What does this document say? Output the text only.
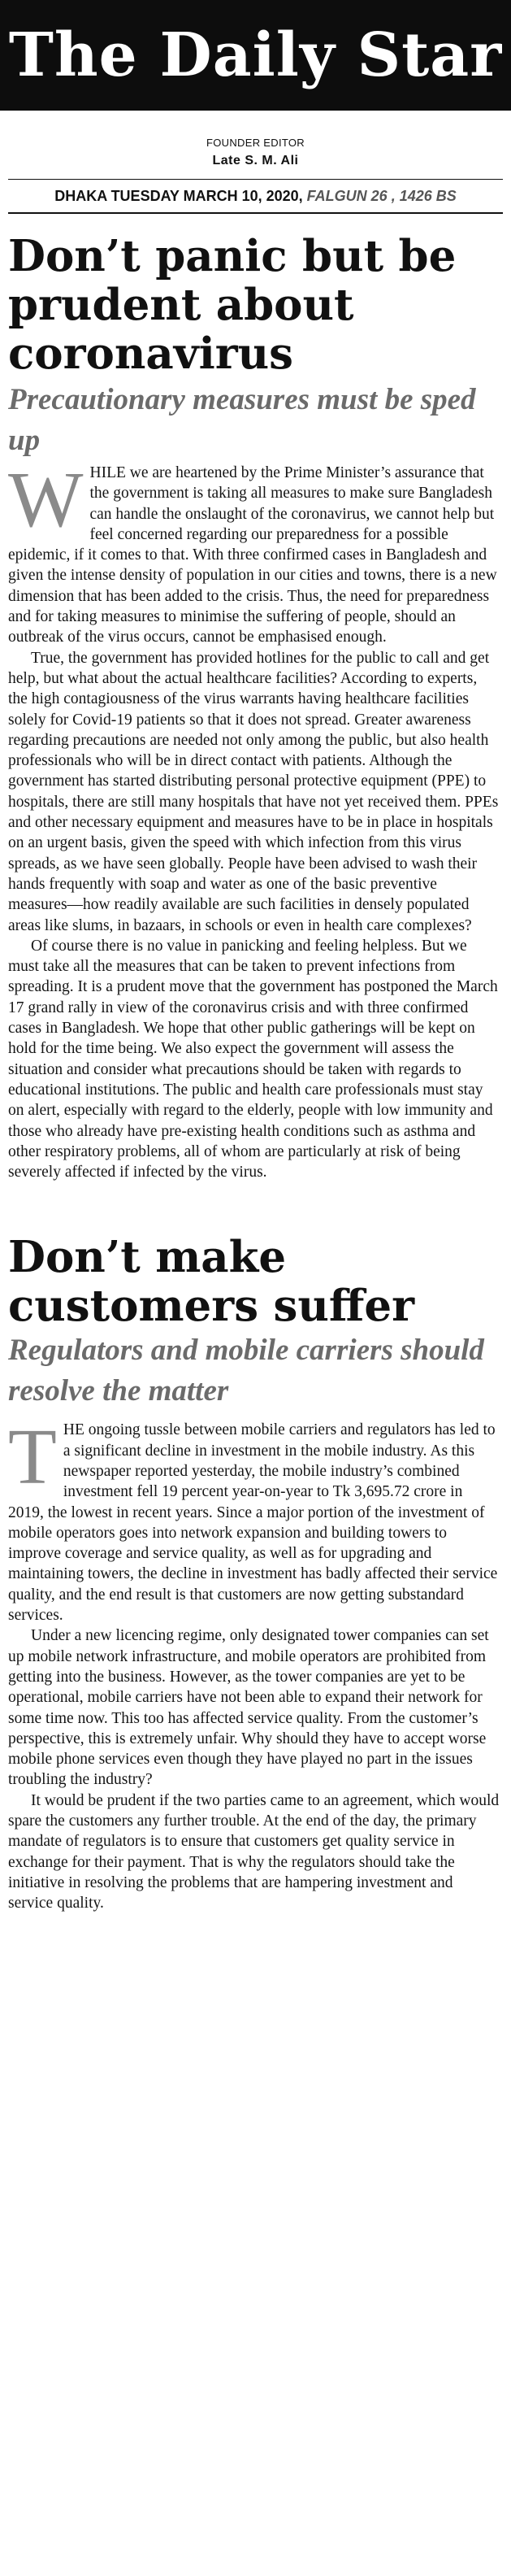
The Daily Star
FOUNDER EDITOR
Late S. M. Ali
DHAKA TUESDAY MARCH 10, 2020, FALGUN 26 , 1426 BS
Don’t panic but be prudent about coronavirus
Precautionary measures must be sped up

WHILE we are heartened by the Prime Minister’s assurance that the government is taking all measures to make sure Bangladesh can handle the onslaught of the coronavirus, we cannot help but feel concerned regarding our preparedness for a possible epidemic, if it comes to that. With three confirmed cases in Bangladesh and given the intense density of population in our cities and towns, there is a new dimension that has been added to the crisis. Thus, the need for preparedness and for taking measures to minimise the suffering of people, should an outbreak of the virus occurs, cannot be emphasised enough.

True, the government has provided hotlines for the public to call and get help, but what about the actual healthcare facilities? According to experts, the high contagiousness of the virus warrants having healthcare facilities solely for Covid-19 patients so that it does not spread. Greater awareness regarding precautions are needed not only among the public, but also health professionals who will be in direct contact with patients. Although the government has started distributing personal protective equipment (PPE) to hospitals, there are still many hospitals that have not yet received them. PPEs and other necessary equipment and measures have to be in place in hospitals on an urgent basis, given the speed with which infection from this virus spreads, as we have seen globally. People have been advised to wash their hands frequently with soap and water as one of the basic preventive measures—how readily available are such facilities in densely populated areas like slums, in bazaars, in schools or even in health care complexes?

Of course there is no value in panicking and feeling helpless. But we must take all the measures that can be taken to prevent infections from spreading. It is a prudent move that the government has postponed the March 17 grand rally in view of the coronavirus crisis and with three confirmed cases in Bangladesh. We hope that other public gatherings will be kept on hold for the time being. We also expect the government will assess the situation and consider what precautions should be taken with regards to educational institutions. The public and health care professionals must stay on alert, especially with regard to the elderly, people with low immunity and those who already have pre-existing health conditions such as asthma and other respiratory problems, all of whom are particularly at risk of being severely affected if infected by the virus.

Don’t make customers suffer
Regulators and mobile carriers should resolve the matter

THE ongoing tussle between mobile carriers and regulators has led to a significant decline in investment in the mobile industry. As this newspaper reported yesterday, the mobile industry’s combined investment fell 19 percent year-on-year to Tk 3,695.72 crore in 2019, the lowest in recent years. Since a major portion of the investment of mobile operators goes into network expansion and building towers to improve coverage and service quality, as well as for upgrading and maintaining towers, the decline in investment has badly affected their service quality, and the end result is that customers are now getting substandard services.

Under a new licencing regime, only designated tower companies can set up mobile network infrastructure, and mobile operators are prohibited from getting into the business. However, as the tower companies are yet to be operational, mobile carriers have not been able to expand their network for some time now. This too has affected service quality. From the customer’s perspective, this is extremely unfair. Why should they have to accept worse mobile phone services even though they have played no part in the issues troubling the industry?

It would be prudent if the two parties came to an agreement, which would spare the customers any further trouble. At the end of the day, the primary mandate of regulators is to ensure that customers get quality service in exchange for their payment. That is why the regulators should take the initiative in resolving the problems that are hampering investment and service quality.
